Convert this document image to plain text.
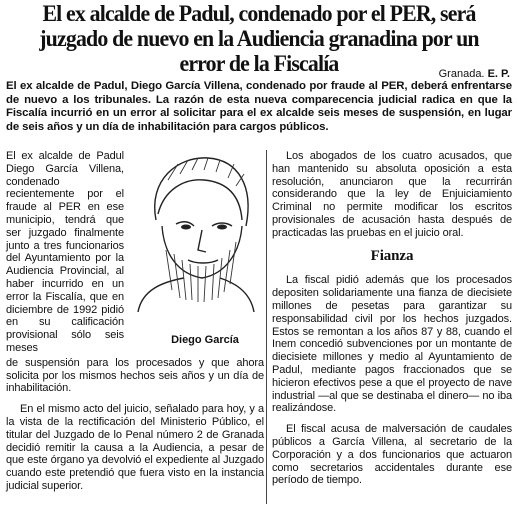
El ex alcalde de Padul, condenado por el PER, será juzgado de nuevo en la Audiencia granadina por un error de la Fiscalía	Granada. E. P.
El ex alcalde de Padul, Diego García Villena, condenado por fraude al PER, deberá enfrentarse de nuevo a los tribunales. La razón de esta nueva comparecencia judicial radica en que la Fiscalía incurrió en un error al solicitar para el ex alcalde seis meses de suspensión, en lugar de seis años y un día de inhabilitación para cargos públicos.

El ex alcalde de Padul Diego García Villena, condenado recientemente por el fraude al PER en ese municipio, tendrá que ser juzgado finalmente junto a tres funcionarios del Ayuntamiento por la Audiencia Provincial, al haber incurrido en un error la Fiscalía, que en diciembre de 1992 pidió en su calificación provisional sólo seis meses

de suspensión para los procesados y que ahora solicita por los mismos hechos seis años y un día de inhabilitación.

En el mismo acto del juicio, señalado para hoy, y a la vista de la rectificación del Ministerio Público, el titular del Juzgado de lo Penal número 2 de Granada decidió remitir la causa a la Audiencia, a pesar de que este órgano ya devolvió el expediente al Juzgado cuando este pretendió que fuera visto en la instancia judicial superior.

Diego García

Los abogados de los cuatro acusados, que han mantenido su absoluta oposición a esta resolución, anunciaron que la recurrirán considerando que la ley de Enjuiciamiento Criminal no permite modificar los escritos provisionales de acusación hasta después de practicadas las pruebas en el juicio oral.

Fianza

La fiscal pidió además que los procesados depositen solidariamente una fianza de diecisiete millones de pesetas para garantizar su responsabilidad civil por los hechos juzgados. Estos se remontan a los años 87 y 88, cuando el Inem concedió subvenciones por un montante de diecisiete millones y medio al Ayuntamiento de Padul, mediante pagos fraccionados que se hicieron efectivos pese a que el proyecto de nave industrial —al que se destinaba el dinero— no iba realizándose.

El fiscal acusa de malversación de caudales públicos a García Villena, al secretario de la Corporación y a dos funcionarios que actuaron como secretarios accidentales durante ese período de tiempo.
